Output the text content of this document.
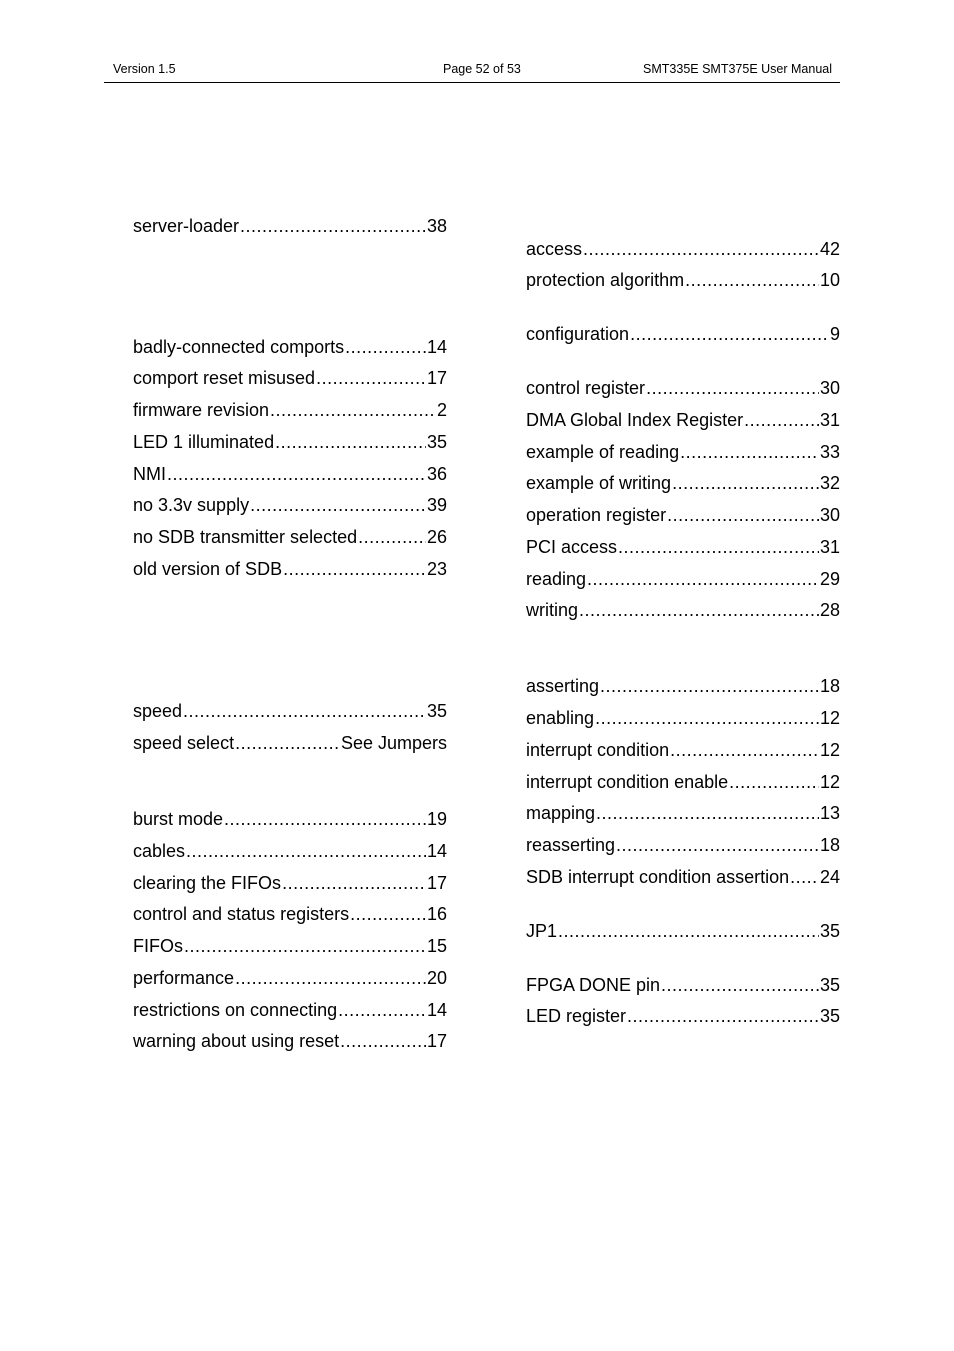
Version 1.5	Page 52 of 53	SMT335E SMT375E User Manual
server-loader .....	38
badly-connected comports .....	14
comport reset misused .....	17
firmware revision .....	2
LED 1 illuminated .....	35
NMI .....	36
no 3.3v supply .....	39
no SDB transmitter selected .....	26
old version of SDB .....	23
speed .....	35
speed select .....	See Jumpers
burst mode .....	19
cables .....	14
clearing the FIFOs .....	17
control and status registers .....	16
FIFOs .....	15
performance .....	20
restrictions on connecting .....	14
warning about using reset .....	17
access .....	42
protection algorithm .....	10
configuration .....	9
control register .....	30
DMA Global Index Register .....	31
example of reading .....	33
example of writing .....	32
operation register .....	30
PCI access .....	31
reading .....	29
writing .....	28
asserting .....	18
enabling .....	12
interrupt condition .....	12
interrupt condition enable .....	12
mapping .....	13
reasserting .....	18
SDB interrupt condition assertion ..... 24
JP1 .....	35
FPGA DONE pin .....	35
LED register .....	35
